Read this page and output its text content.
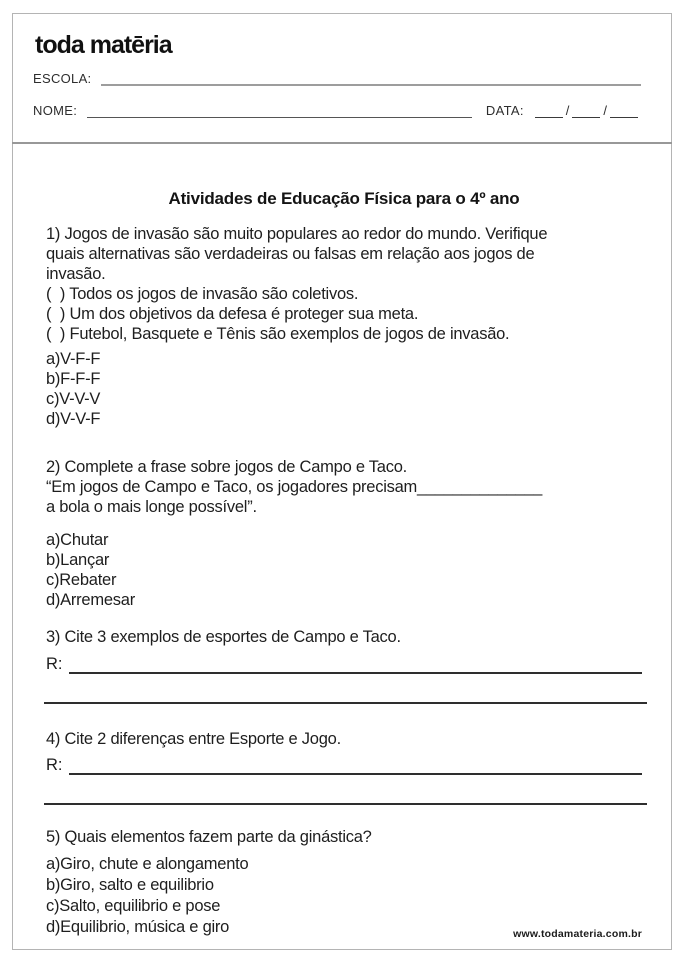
toda matēria
ESCOLA:
NOME:	DATA:	/	/
Atividades de Educação Física para o 4º ano
1) Jogos de invasão são muito populares ao redor do mundo. Verifique
quais alternativas são verdadeiras ou falsas em relação aos jogos de
invasão.
(  ) Todos os jogos de invasão são coletivos.
(  ) Um dos objetivos da defesa é proteger sua meta.
(  ) Futebol, Basquete e Tênis são exemplos de jogos de invasão.
a)V-F-F
b)F-F-F
c)V-V-V
d)V-V-F
2) Complete a frase sobre jogos de Campo e Taco.
“Em jogos de Campo e Taco, os jogadores precisam______________
a bola o mais longe possível”.
a)Chutar
b)Lançar
c)Rebater
d)Arremesar
3) Cite 3 exemplos de esportes de Campo e Taco.
R:
4) Cite 2 diferenças entre Esporte e Jogo.
R:
5) Quais elementos fazem parte da ginástica?
a)Giro, chute e alongamento
b)Giro, salto e equilibrio
c)Salto, equilibrio e pose
d)Equilibrio, música e giro	www.todamateria.com.br
